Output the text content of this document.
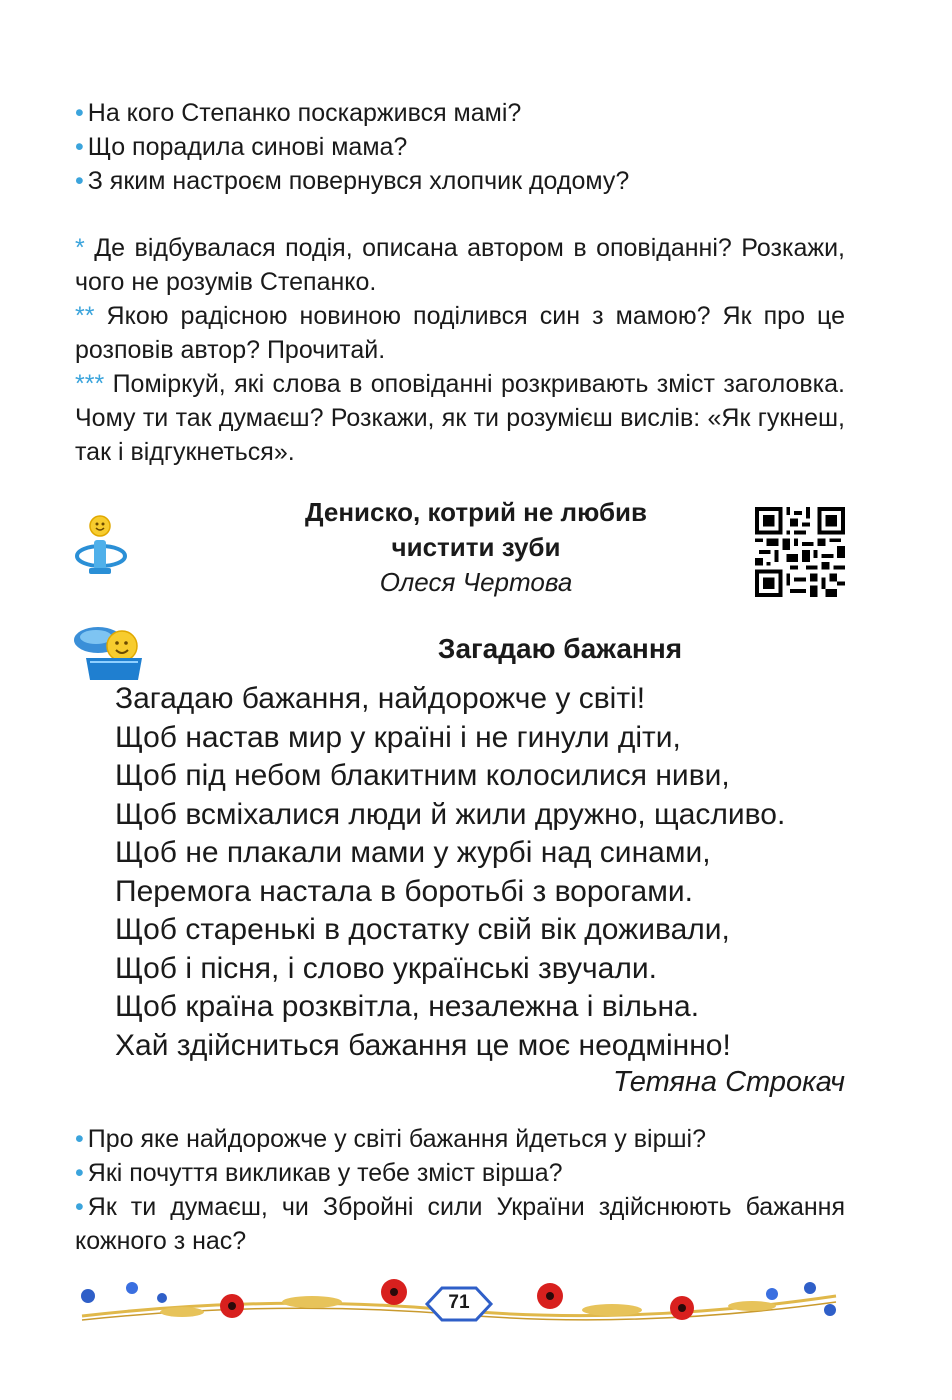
• На кого Степанко поскаржився мамі?
• Що порадила синові мама?
• З яким настроєм повернувся хлопчик додому?
* Де відбувалася подія, описана автором в оповіданні? Розкажи, чого не розумів Степанко.
** Якою радісною новиною поділився син з мамою? Як про це розповів автор? Прочитай.
*** Поміркуй, які слова в оповіданні розкривають зміст заголовка. Чому ти так думаєш? Розкажи, як ти розумієш вислів: «Як гукнеш, так і відгукнеться».
Дениско, котрий не любив
чистити зуби
Олеся Чертова
Загадаю бажання
Загадаю бажання, найдорожче у світі!
Щоб настав мир у країні і не гинули діти,
Щоб під небом блакитним колосилися ниви,
Щоб всміхалися люди й жили дружно, щасливо.
Щоб не плакали мами у журбі над синами,
Перемога настала в боротьбі з ворогами.
Щоб старенькі в достатку свій вік доживали,
Щоб і пісня, і слово українські звучали.
Щоб країна розквітла, незалежна і вільна.
Хай здійсниться бажання це моє неодмінно!
Тетяна Строкач
• Про яке найдорожче у світі бажання йдеться у вірші?
• Які почуття викликав у тебе зміст вірша?
• Як ти думаєш, чи Збройні сили України здійснюють бажання кожного з нас?
71
